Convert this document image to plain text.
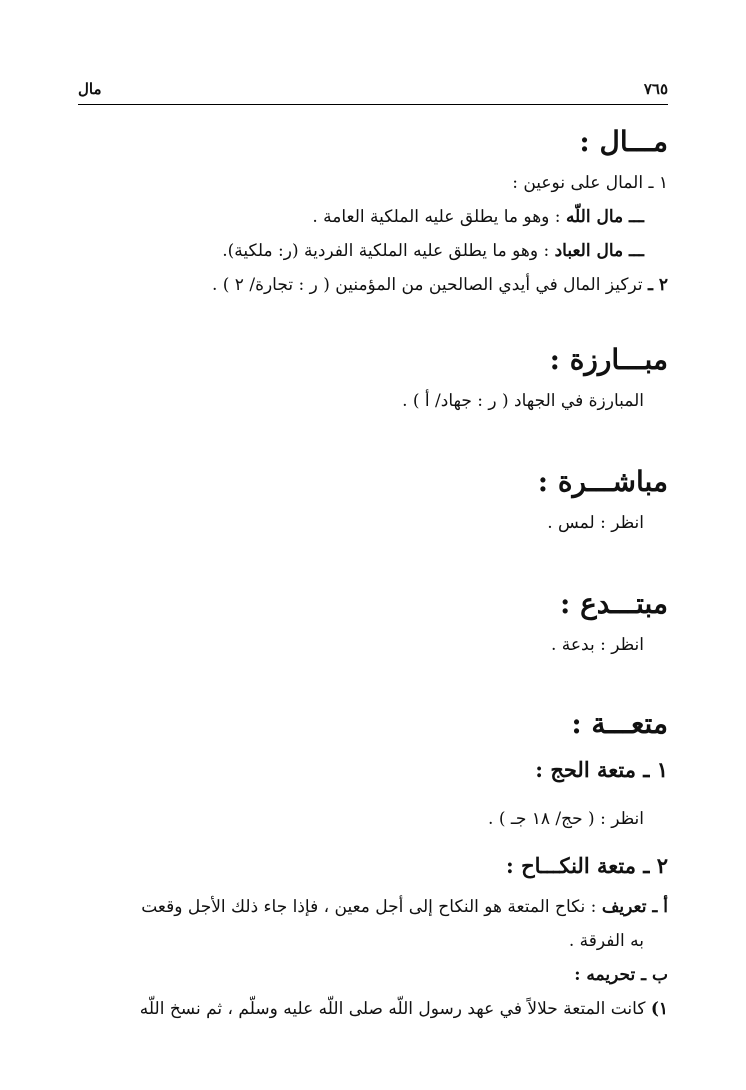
مال	٧٦٥
مـــال :
١ ـ المال على نوعين :
ـــ مال اللّه : وهو ما يطلق عليه الملكية العامة .
ـــ مال العباد : وهو ما يطلق عليه الملكية الفردية (ر: ملكية).
٢ ـ تركيز المال في أيدي الصالحين من المؤمنين ( ر : تجارة/ ٢ ) .
مبـــارزة :
المبارزة في الجهاد ( ر : جهاد/ أ ) .
مباشـــرة :
انظر : لمس .
مبتـــدع :
انظر : بدعة .
متعـــة :
١ ـ متعة الحج :
انظر : ( حج/ ١٨ جـ ) .
٢ ـ متعة النكـــاح :
أ ـ تعريف : نكاح المتعة هو النكاح إلى أجل معين ، فإذا جاء ذلك الأجل وقعت
به الفرقة .
ب ـ تحريمه :
١) كانت المتعة حلالاً في عهد رسول اللّه صلى اللّه عليه وسلّم ، ثم نسخ اللّه
